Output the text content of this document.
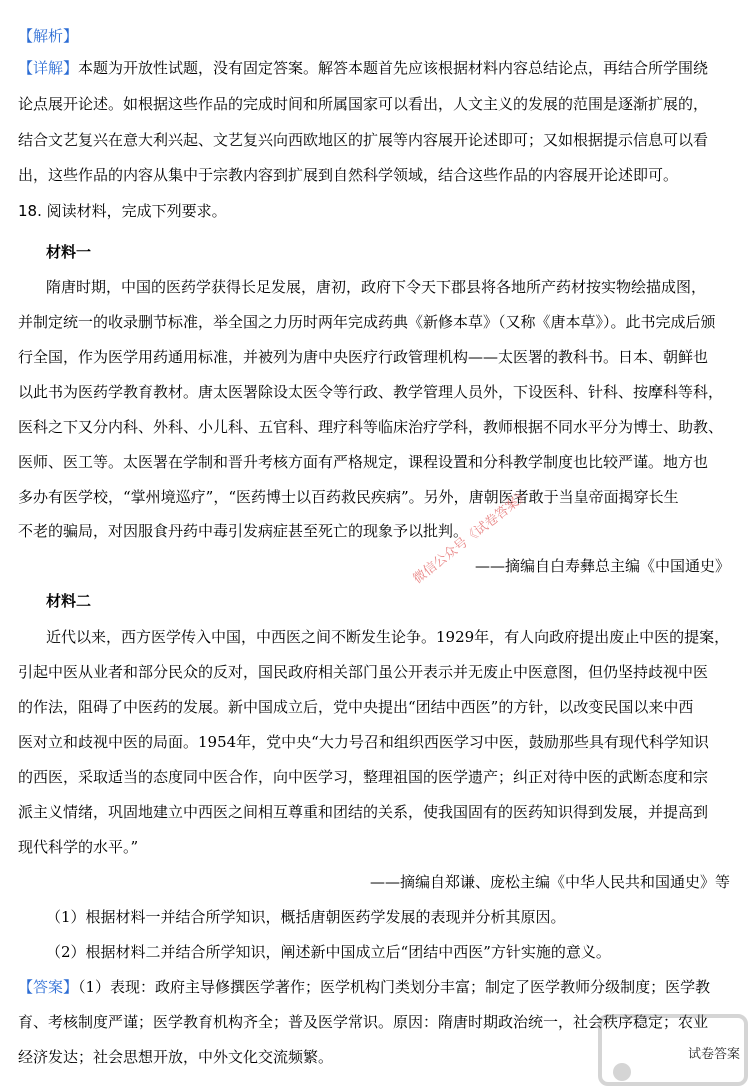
【解析】
【详解】本题为开放性试题，没有固定答案。解答本题首先应该根据材料内容总结论点，再结合所学围绕
论点展开论述。如根据这些作品的完成时间和所属国家可以看出，人文主义的发展的范围是逐渐扩展的，
结合文艺复兴在意大利兴起、文艺复兴向西欧地区的扩展等内容展开论述即可；又如根据提示信息可以看
出，这些作品的内容从集中于宗教内容到扩展到自然科学领域，结合这些作品的内容展开论述即可。
18. 阅读材料，完成下列要求。
材料一
隋唐时期，中国的医药学获得长足发展，唐初，政府下令天下郡县将各地所产药材按实物绘描成图，
并制定统一的收录删节标准，举全国之力历时两年完成药典《新修本草》（又称《唐本草》）。此书完成后颁
行全国，作为医学用药通用标准，并被列为唐中央医疗行政管理机构——太医署的教科书。日本、朝鲜也
以此书为医药学教育教材。唐太医署除设太医令等行政、教学管理人员外，下设医科、针科、按摩科等科，
医科之下又分内科、外科、小儿科、五官科、理疗科等临床治疗学科，教师根据不同水平分为博士、助教、
医师、医工等。太医署在学制和晋升考核方面有严格规定，课程设置和分科教学制度也比较严谨。地方也
多办有医学校，“掌州境巡疗”，“医药博士以百药救民疾病”。另外，唐朝医者敢于当皇帝面揭穿长生
不老的骗局，对因服食丹药中毒引发病症甚至死亡的现象予以批判。
——摘编自白寿彝总主编《中国通史》
材料二
近代以来，西方医学传入中国，中西医之间不断发生论争。1929年，有人向政府提出废止中医的提案，
引起中医从业者和部分民众的反对，国民政府相关部门虽公开表示并无废止中医意图，但仍坚持歧视中医
的作法，阻碍了中医药的发展。新中国成立后，党中央提出“团结中西医”的方针，以改变民国以来中西
医对立和歧视中医的局面。1954年，党中央“大力号召和组织西医学习中医，鼓励那些具有现代科学知识
的西医，采取适当的态度同中医合作，向中医学习，整理祖国的医学遗产；纠正对待中医的武断态度和宗
派主义情绪，巩固地建立中西医之间相互尊重和团结的关系，使我国固有的医药知识得到发展，并提高到
现代科学的水平。”
——摘编自郑谦、庞松主编《中华人民共和国通史》等
（1）根据材料一并结合所学知识，概括唐朝医药学发展的表现并分析其原因。
（2）根据材料二并结合所学知识，阐述新中国成立后“团结中西医”方针实施的意义。
【答案】（1）表现：政府主导修撰医学著作；医学机构门类划分丰富；制定了医学教师分级制度；医学教
育、考核制度严谨；医学教育机构齐全；普及医学常识。原因：隋唐时期政治统一，社会秩序稳定；农业
经济发达；社会思想开放，中外文化交流频繁。
微信公众号《试卷答案》
试卷答案
